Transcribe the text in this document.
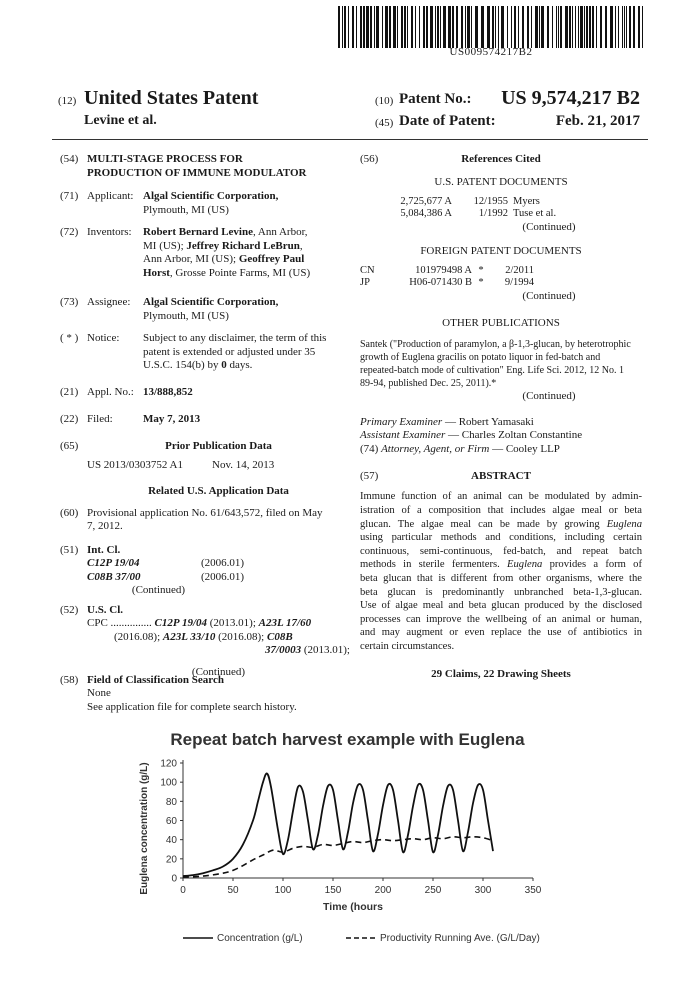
US009574217B2
(12) United States Patent
Levine et al.
(10) Patent No.: US 9,574,217 B2
(45) Date of Patent:	Feb. 21, 2017
(54) MULTI-STAGE PROCESS FOR
PRODUCTION OF IMMUNE MODULATOR
(71) Applicant: Algal Scientific Corporation,
Plymouth, MI (US)
(72) Inventors: Robert Bernard Levine, Ann Arbor,
MI (US); Jeffrey Richard LeBrun,
Ann Arbor, MI (US); Geoffrey Paul
Horst, Grosse Pointe Farms, MI (US)
(73) Assignee: Algal Scientific Corporation,
Plymouth, MI (US)
( * ) Notice: Subject to any disclaimer, the term of this
patent is extended or adjusted under 35
U.S.C. 154(b) by 0 days.
(21) Appl. No.: 13/888,852
(22) Filed:	May 7, 2013
(65)	Prior Publication Data
US 2013/0303752 A1	Nov. 14, 2013
Related U.S. Application Data
(60) Provisional application No. 61/643,572, filed on May
7, 2012.
(51) Int. Cl.
C12P 19/04	(2006.01)
C08B 37/00	(2006.01)
(Continued)
(52) U.S. Cl.
CPC ............... C12P 19/04 (2013.01); A23L 17/60
(2016.08); A23L 33/10 (2016.08); C08B
37/0003 (2013.01);
(Continued)
(58) Field of Classification Search
None
See application file for complete search history.
(56)	References Cited
U.S. PATENT DOCUMENTS
2,725,677 A	12/1955 Myers
5,084,386 A	1/1992 Tuse et al.
(Continued)
FOREIGN PATENT DOCUMENTS
CN	101979498 A *	2/2011
JP	H06-071430 B *	9/1994
(Continued)
OTHER PUBLICATIONS
Santek ("Production of paramylon, a β-1,3-glucan, by heterotrophic
growth of Euglena gracilis on potato liquor in fed-batch and
repeated-batch mode of cultivation" Eng. Life Sci. 2012, 12 No. 1
89-94, published Dec. 25, 2011).*
(Continued)
Primary Examiner — Robert Yamasaki
Assistant Examiner — Charles Zoltan Constantine
(74) Attorney, Agent, or Firm — Cooley LLP
(57)	ABSTRACT
Immune function of an animal can be modulated by admin-
istration of a composition that includes algae meal or beta
glucan. The algae meal can be made by growing Euglena
using particular methods and conditions, including certain
continuous, semi-continuous, fed-batch, and repeat batch
methods in sterile fermenters. Euglena provides a form of
beta glucan that is different from other organisms, where the
beta glucan is predominantly unbranched beta-1,3-glucan.
Use of algae meal and beta glucan produced by the disclosed
processes can improve the wellbeing of an animal or human,
and may augment or even replace the use of antibiotics in
certain circumstances.
29 Claims, 22 Drawing Sheets
Repeat batch harvest example with Euglena
0
20
40
60
80
100
120
0	50	100	150	200	250	300	350
Time (hours
Euglena concentration (g/L)
Concentration (g/L)	Productivity Running Ave. (G/L/Day)
